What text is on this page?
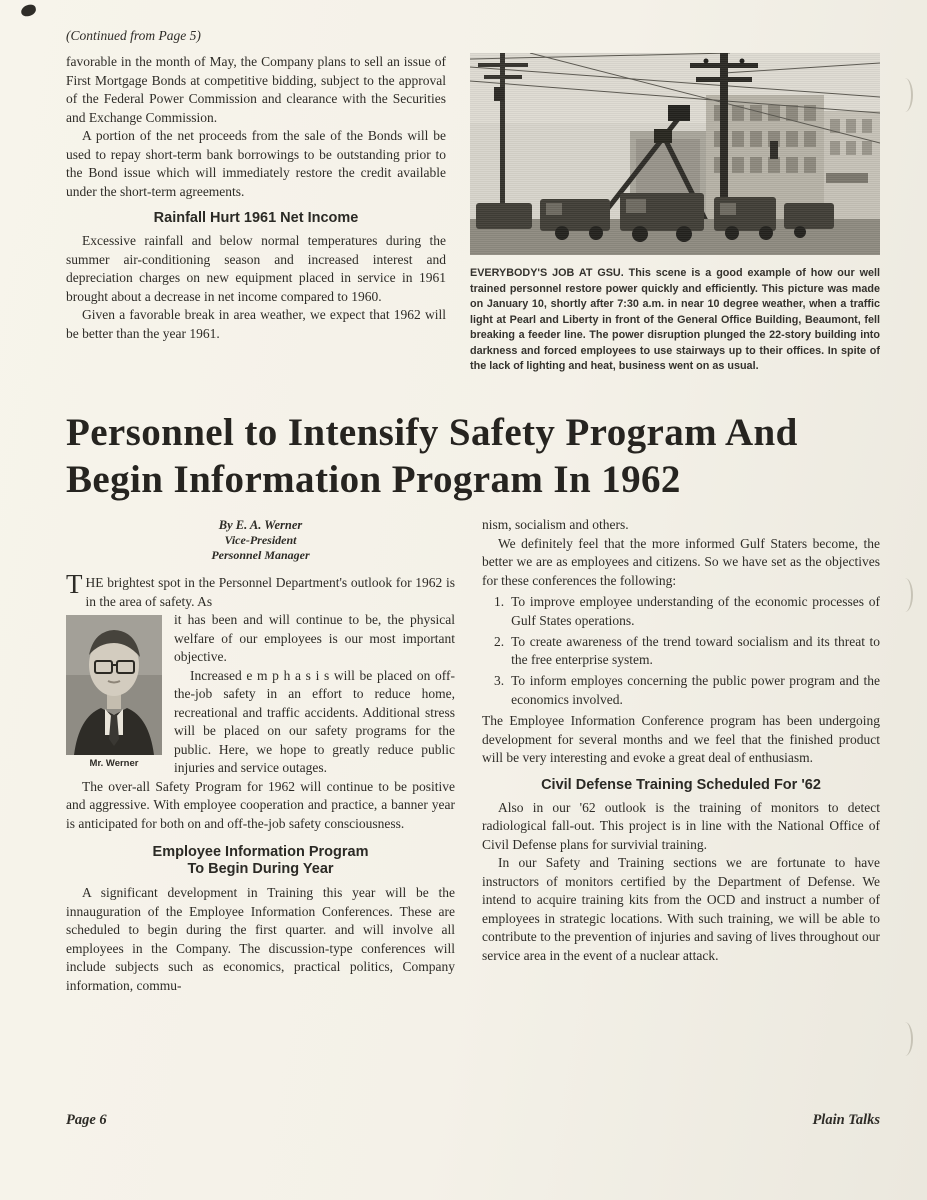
(Continued from Page 5)

favorable in the month of May, the Company plans to sell an issue of First Mortgage Bonds at competitive bidding, subject to the approval of the Federal Power Commission and clearance with the Securities and Exchange Commission.

A portion of the net proceeds from the sale of the Bonds will be used to repay short-term bank borrowings to be outstanding prior to the Bond issue which will immediately restore the credit available under the short-term agreements.

Rainfall Hurt 1961 Net Income

Excessive rainfall and below normal temperatures during the summer air-conditioning season and increased interest and depreciation charges on new equipment placed in service in 1961 brought about a decrease in net income compared to 1960.

Given a favorable break in area weather, we expect that 1962 will be better than the year 1961.

EVERYBODY'S JOB AT GSU. This scene is a good example of how our well trained personnel restore power quickly and efficiently. This picture was made on January 10, shortly after 7:30 a.m. in near 10 degree weather, when a traffic light at Pearl and Liberty in front of the General Office Building, Beaumont, fell breaking a feeder line. The power disruption plunged the 22-story building into darkness and forced employees to use stairways up to their offices. In spite of the lack of lighting and heat, business went on as usual.

Personnel to Intensify Safety Program And
Begin Information Program In 1962
By E. A. Werner
Vice-President
Personnel Manager

THE brightest spot in the Personnel Department's outlook for 1962 is in the area of safety. As

Mr. Werner

it has been and will continue to be, the physical welfare of our employees is our most important objective.

Increased e m p h a s i s will be placed on off-the-job safety in an effort to reduce home, recreational and traffic accidents. Additional stress will be placed on our safety programs for the public. Here, we hope to greatly reduce public injuries and service outages.

The over-all Safety Program for 1962 will continue to be positive and aggressive. With employee cooperation and practice, a banner year is anticipated for both on and off-the-job safety consciousness.

Employee Information Program
To Begin During Year

A significant development in Training this year will be the innauguration of the Employee Information Conferences. These are scheduled to begin during the first quarter. and will involve all employees in the Company. The discussion-type conferences will include subjects such as economics, practical politics, Company information, commu-

nism, socialism and others.

We definitely feel that the more informed Gulf Staters become, the better we are as employees and citizens. So we have set as the objectives for these conferences the following:

1. To improve employee understanding of the economic processes of Gulf States operations.
2. To create awareness of the trend toward socialism and its threat to the free enterprise system.
3. To inform employes concerning the public power program and the economics involved.

The Employee Information Conference program has been undergoing development for several months and we feel that the finished product will be very interesting and evoke a great deal of enthusiasm.

Civil Defense Training Scheduled For '62

Also in our '62 outlook is the training of monitors to detect radiological fall-out. This project is in line with the National Office of Civil Defense plans for survivial training.

In our Safety and Training sections we are fortunate to have instructors of monitors certified by the Department of Defense. We intend to acquire training kits from the OCD and instruct a number of employees in strategic locations. With such training, we will be able to contribute to the prevention of injuries and saving of lives throughout our service area in the event of a nuclear attack.

Page 6	Plain Talks
